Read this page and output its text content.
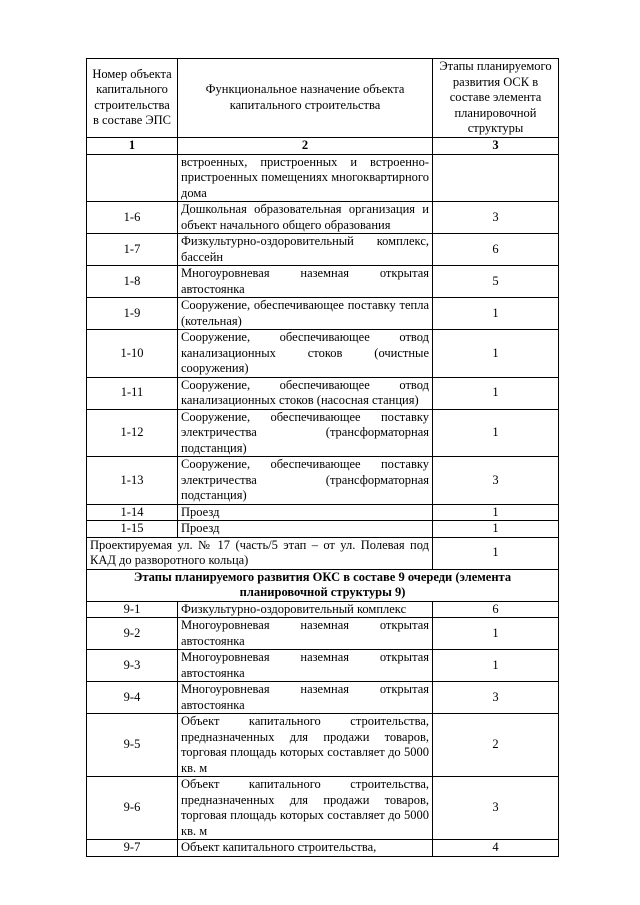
Номер объекта капитального строительства в составе ЭПС	Функциональное назначение объекта капитального строительства	Этапы планируемого развития ОСК в составе элемента планировочной структуры
1	2	3
	встроенных, пристроенных и встроенно-пристроенных помещениях многоквартирного дома	
1-6	Дошкольная образовательная организация и объект начального общего образования	3
1-7	Физкультурно-оздоровительный комплекс, бассейн	6
1-8	Многоуровневая наземная открытая автостоянка	5
1-9	Сооружение, обеспечивающее поставку тепла (котельная)	1
1-10	Сооружение, обеспечивающее отвод канализационных стоков (очистные сооружения)	1
1-11	Сооружение, обеспечивающее отвод канализационных стоков (насосная станция)	1
1-12	Сооружение, обеспечивающее поставку электричества (трансформаторная подстанция)	1
1-13	Сооружение, обеспечивающее поставку электричества (трансформаторная подстанция)	3
1-14	Проезд	1
1-15	Проезд	1
Проектируемая ул. № 17 (часть/5 этап – от ул. Полевая под КАД до разворотного кольца)		1
Этапы планируемого развития ОКС в составе 9 очереди (элемента планировочной структуры 9)		
9-1	Физкультурно-оздоровительный комплекс	6
9-2	Многоуровневая наземная открытая автостоянка	1
9-3	Многоуровневая наземная открытая автостоянка	1
9-4	Многоуровневая наземная открытая автостоянка	3
9-5	Объект капитального строительства, предназначенных для продажи товаров, торговая площадь которых составляет до 5000 кв. м	2
9-6	Объект капитального строительства, предназначенных для продажи товаров, торговая площадь которых составляет до 5000 кв. м	3
9-7	Объект капитального строительства,	4
